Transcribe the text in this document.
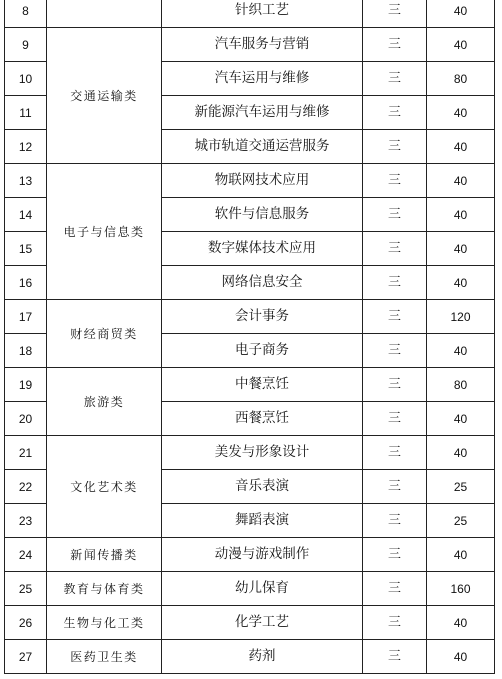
8		针织工艺	三	40
9	交通运输类	汽车服务与营销	三	40
10		汽车运用与维修	三	80
11		新能源汽车运用与维修	三	40
12		城市轨道交通运营服务	三	40
13	电子与信息类	物联网技术应用	三	40
14		软件与信息服务	三	40
15		数字媒体技术应用	三	40
16		网络信息安全	三	40
17	财经商贸类	会计事务	三	120
18		电子商务	三	40
19	旅游类	中餐烹饪	三	80
20		西餐烹饪	三	40
21	文化艺术类	美发与形象设计	三	40
22		音乐表演	三	25
23		舞蹈表演	三	25
24	新闻传播类	动漫与游戏制作	三	40
25	教育与体育类	幼儿保育	三	160
26	生物与化工类	化学工艺	三	40
27	医药卫生类	药剂	三	40
